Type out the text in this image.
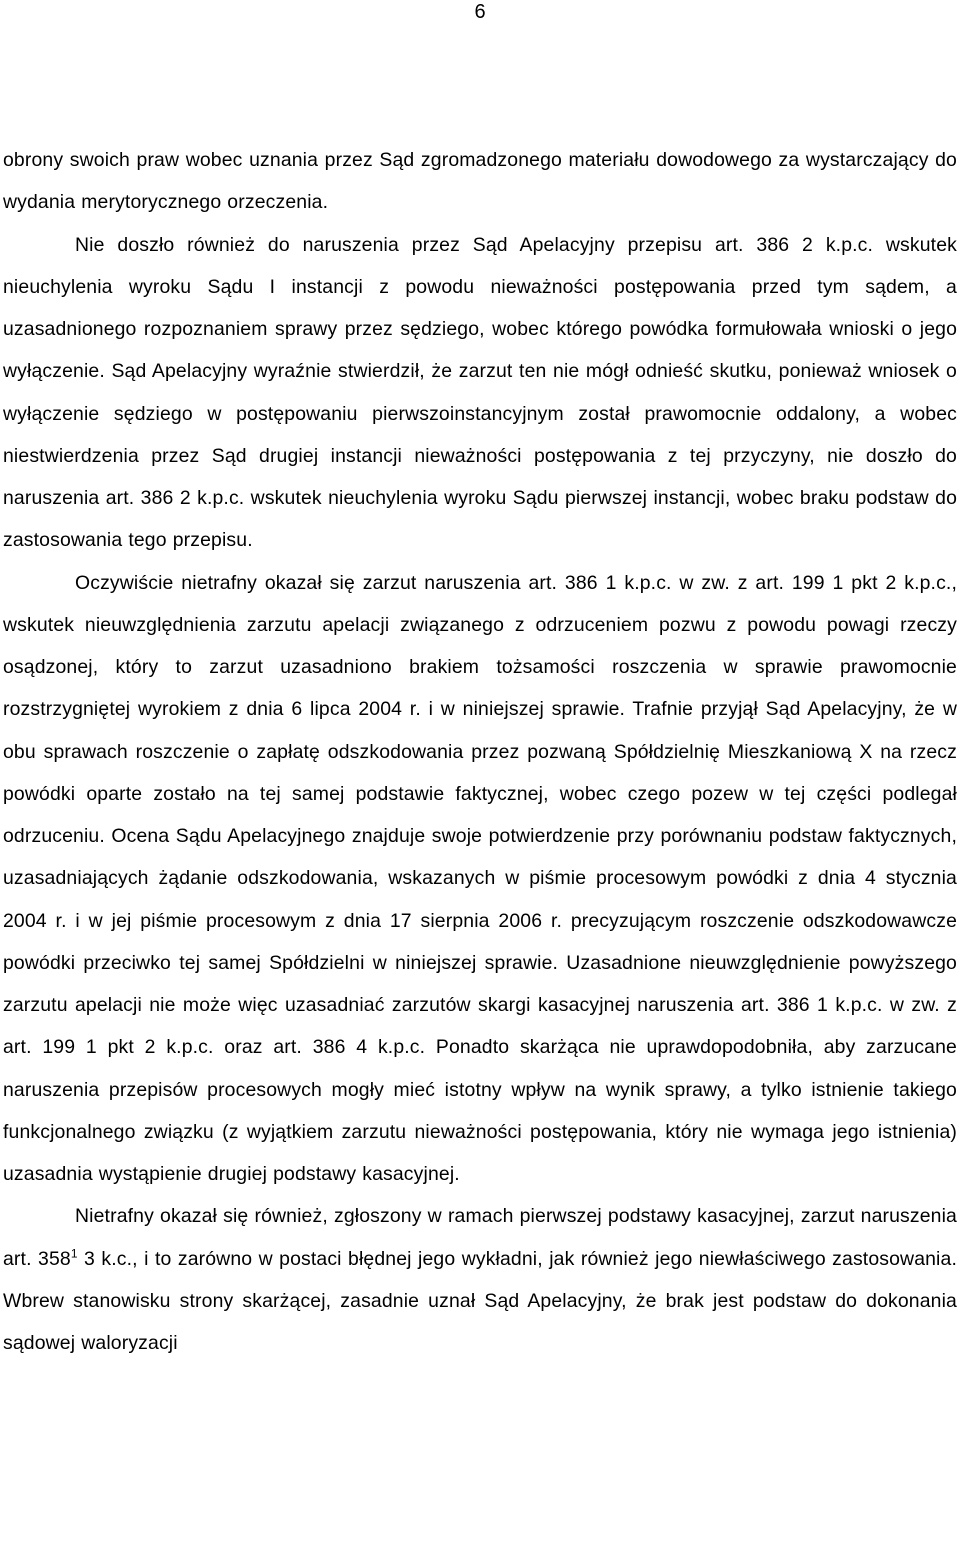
6

obrony swoich praw wobec uznania przez Sąd zgromadzonego materiału dowodowego za wystarczający do wydania merytorycznego orzeczenia.

Nie doszło również do naruszenia przez Sąd Apelacyjny przepisu art. 386 2 k.p.c. wskutek nieuchylenia wyroku Sądu I instancji z powodu nieważności postępowania przed tym sądem, a uzasadnionego rozpoznaniem sprawy przez sędziego, wobec którego powódka formułowała wnioski o jego wyłączenie. Sąd Apelacyjny wyraźnie stwierdził, że zarzut ten nie mógł odnieść skutku, ponieważ wniosek o wyłączenie sędziego w postępowaniu pierwszoinstancyjnym został prawomocnie oddalony, a wobec niestwierdzenia przez Sąd drugiej instancji nieważności postępowania z tej przyczyny, nie doszło do naruszenia art. 386 2 k.p.c. wskutek nieuchylenia wyroku Sądu pierwszej instancji, wobec braku podstaw do zastosowania tego przepisu.

Oczywiście nietrafny okazał się zarzut naruszenia art. 386 1 k.p.c. w zw. z art. 199 1 pkt 2 k.p.c., wskutek nieuwzględnienia zarzutu apelacji związanego z odrzuceniem pozwu z powodu powagi rzeczy osądzonej, który to zarzut uzasadniono brakiem tożsamości roszczenia w sprawie prawomocnie rozstrzygniętej wyrokiem z dnia 6 lipca 2004 r. i w niniejszej sprawie. Trafnie przyjął Sąd Apelacyjny, że w obu sprawach roszczenie o zapłatę odszkodowania przez pozwaną Spółdzielnię Mieszkaniową X na rzecz powódki oparte zostało na tej samej podstawie faktycznej, wobec czego pozew w tej części podlegał odrzuceniu. Ocena Sądu Apelacyjnego znajduje swoje potwierdzenie przy porównaniu podstaw faktycznych, uzasadniających żądanie odszkodowania, wskazanych w piśmie procesowym powódki z dnia 4 stycznia 2004 r. i w jej piśmie procesowym z dnia 17 sierpnia 2006 r. precyzującym roszczenie odszkodowawcze powódki przeciwko tej samej Spółdzielni w niniejszej sprawie. Uzasadnione nieuwzględnienie powyższego zarzutu apelacji nie może więc uzasadniać zarzutów skargi kasacyjnej naruszenia art. 386 1 k.p.c. w zw. z art. 199 1 pkt 2 k.p.c. oraz art. 386 4 k.p.c. Ponadto skarżąca nie uprawdopodobniła, aby zarzucane naruszenia przepisów procesowych mogły mieć istotny wpływ na wynik sprawy, a tylko istnienie takiego funkcjonalnego związku (z wyjątkiem zarzutu nieważności postępowania, który nie wymaga jego istnienia) uzasadnia wystąpienie drugiej podstawy kasacyjnej.

Nietrafny okazał się również, zgłoszony w ramach pierwszej podstawy kasacyjnej, zarzut naruszenia art. $358^1$ 3 k.c., i to zarówno w postaci błędnej jego wykładni, jak również jego niewłaściwego zastosowania. Wbrew stanowisku strony skarżącej, zasadnie uznał Sąd Apelacyjny, że brak jest podstaw do dokonania sądowej waloryzacji
